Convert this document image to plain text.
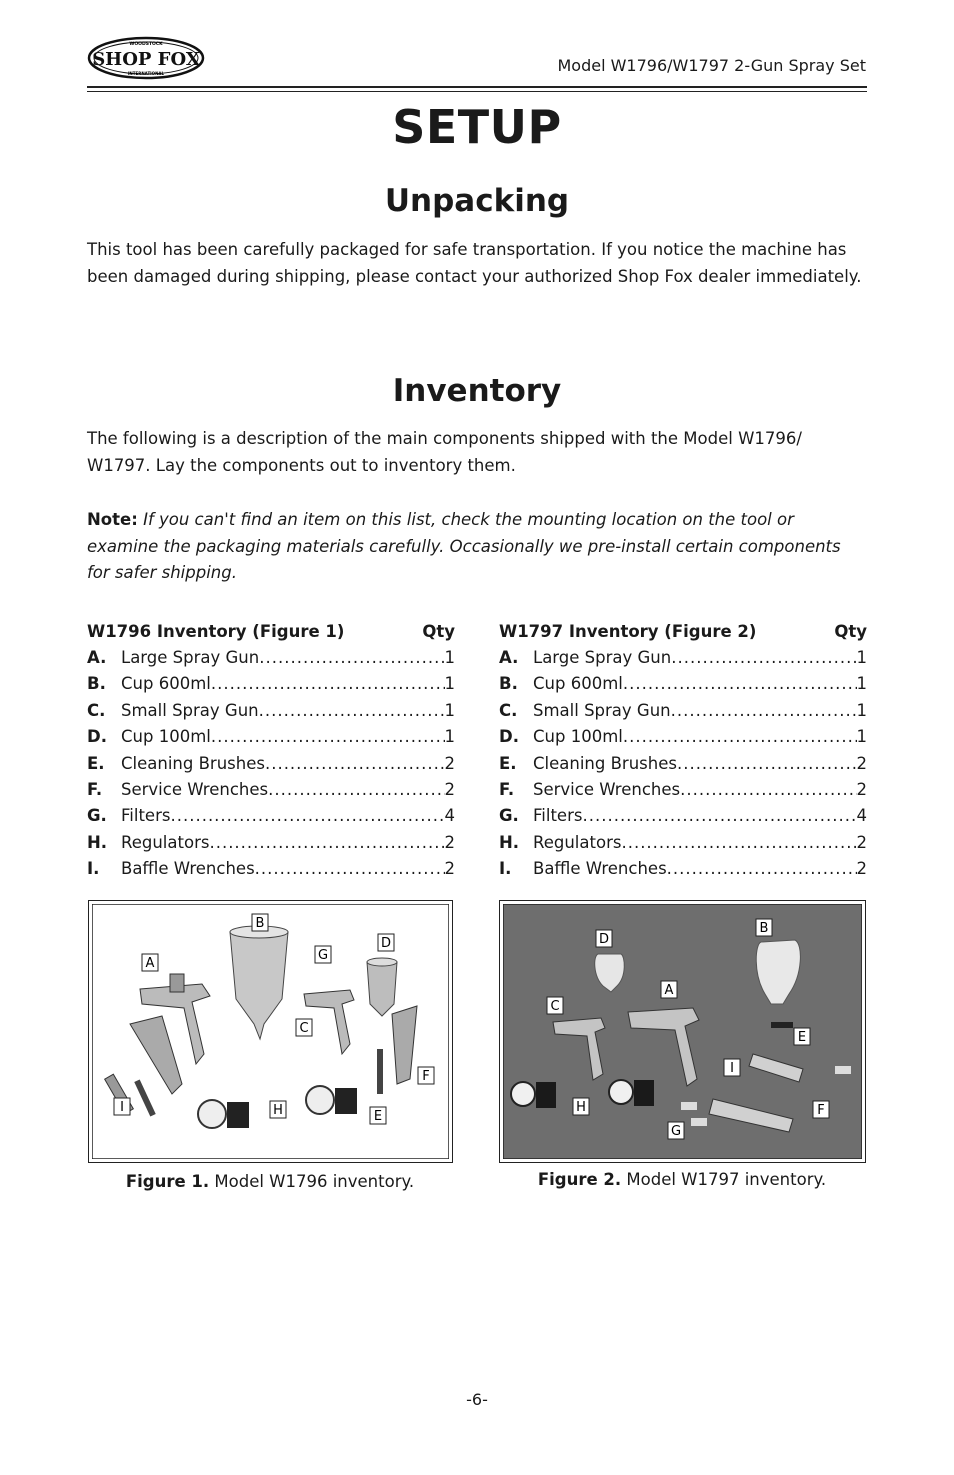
WOODSTOCK
SHOP FOX
INTERNATIONAL	Model W1796/W1797 2-Gun Spray Set
SETUP
Unpacking
This tool has been carefully packaged for safe transportation. If you notice the machine has been damaged during shipping, please contact your authorized Shop Fox dealer immediately.
Inventory
The following is a description of the main components shipped with the Model W1796/ W1797. Lay the components out to inventory them.
Note: If you can't find an item on this list, check the mounting location on the tool or examine the packaging materials carefully. Occasionally we pre-install certain components for safer shipping.
W1796 Inventory (Figure 1)	Qty
A. Large Spray Gun .....	1
B. Cup 600ml .....	1
C. Small Spray Gun .....	1
D. Cup 100ml .....	1
E. Cleaning Brushes .....	2
F.	Service Wrenches .....	2
G. Filters .....	4
H. Regulators .....	2
I.	Baffle Wrenches .....	2
W1797 Inventory (Figure 2)	Qty
A. Large Spray Gun .....	1
B. Cup 600ml .....	1
C. Small Spray Gun .....	1
D. Cup 100ml .....	1
E. Cleaning Brushes .....	2
F.	Service Wrenches .....	2
G. Filters .....	4
H. Regulators .....	2
I.	Baffle Wrenches .....	2
B
A
G
D
C
F
I	H	E
Figure 1. Model W1796 inventory.
B
D
A
C
E
I
H	F
G
Figure 2. Model W1797 inventory.
-6-
